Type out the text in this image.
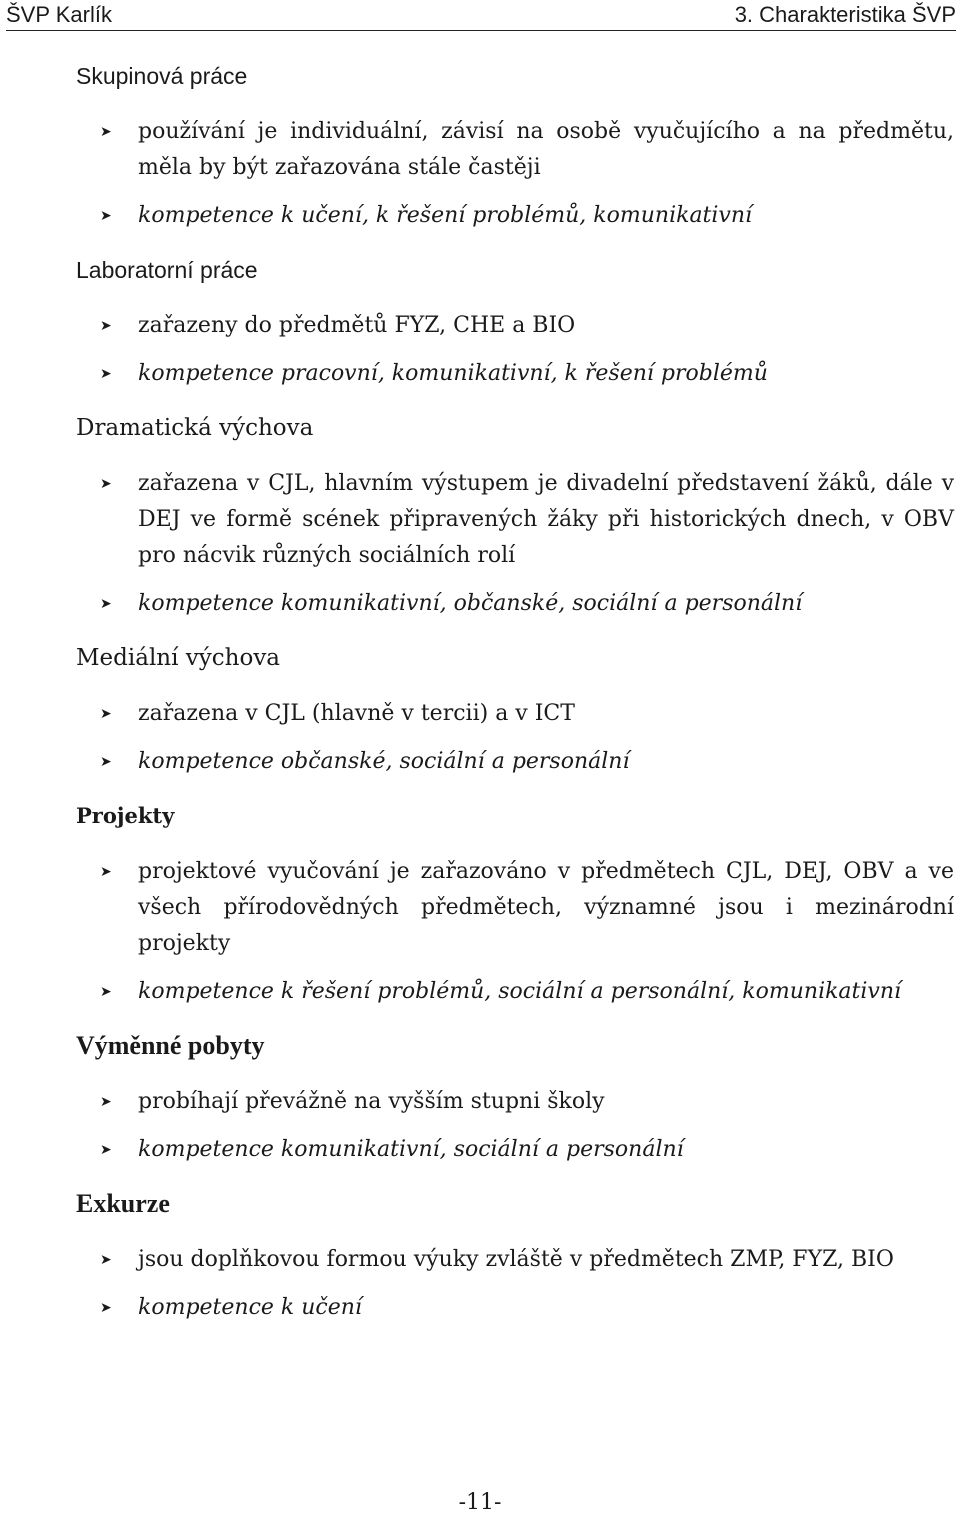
ŠVP Karlík	3. Charakteristika ŠVP
Skupinová práce
➤ používání je individuální, závisí na osobě vyučujícího a na předmětu, měla by být zařazována stále častěji
➤ kompetence k učení, k řešení problémů, komunikativní
Laboratorní práce
➤ zařazeny do předmětů FYZ, CHE a BIO
➤ kompetence pracovní, komunikativní, k řešení problémů
Dramatická výchova
➤ zařazena v CJL, hlavním výstupem je divadelní představení žáků, dále v DEJ ve formě scének připravených žáky při historických dnech, v OBV pro nácvik různých sociálních rolí
➤ kompetence komunikativní, občanské, sociální a personální
Mediální výchova
➤ zařazena v CJL (hlavně v tercii) a v ICT
➤ kompetence občanské, sociální a personální
Projekty
➤ projektové vyučování je zařazováno v předmětech CJL, DEJ, OBV a ve všech přírodovědných předmětech, významné jsou i mezinárodní projekty
➤ kompetence k řešení problémů, sociální a personální, komunikativní
Výměnné pobyty
➤ probíhají převážně na vyšším stupni školy
➤ kompetence komunikativní, sociální a personální
Exkurze
➤ jsou doplňkovou formou výuky zvláště v předmětech ZMP, FYZ, BIO
➤ kompetence k učení
-11-
